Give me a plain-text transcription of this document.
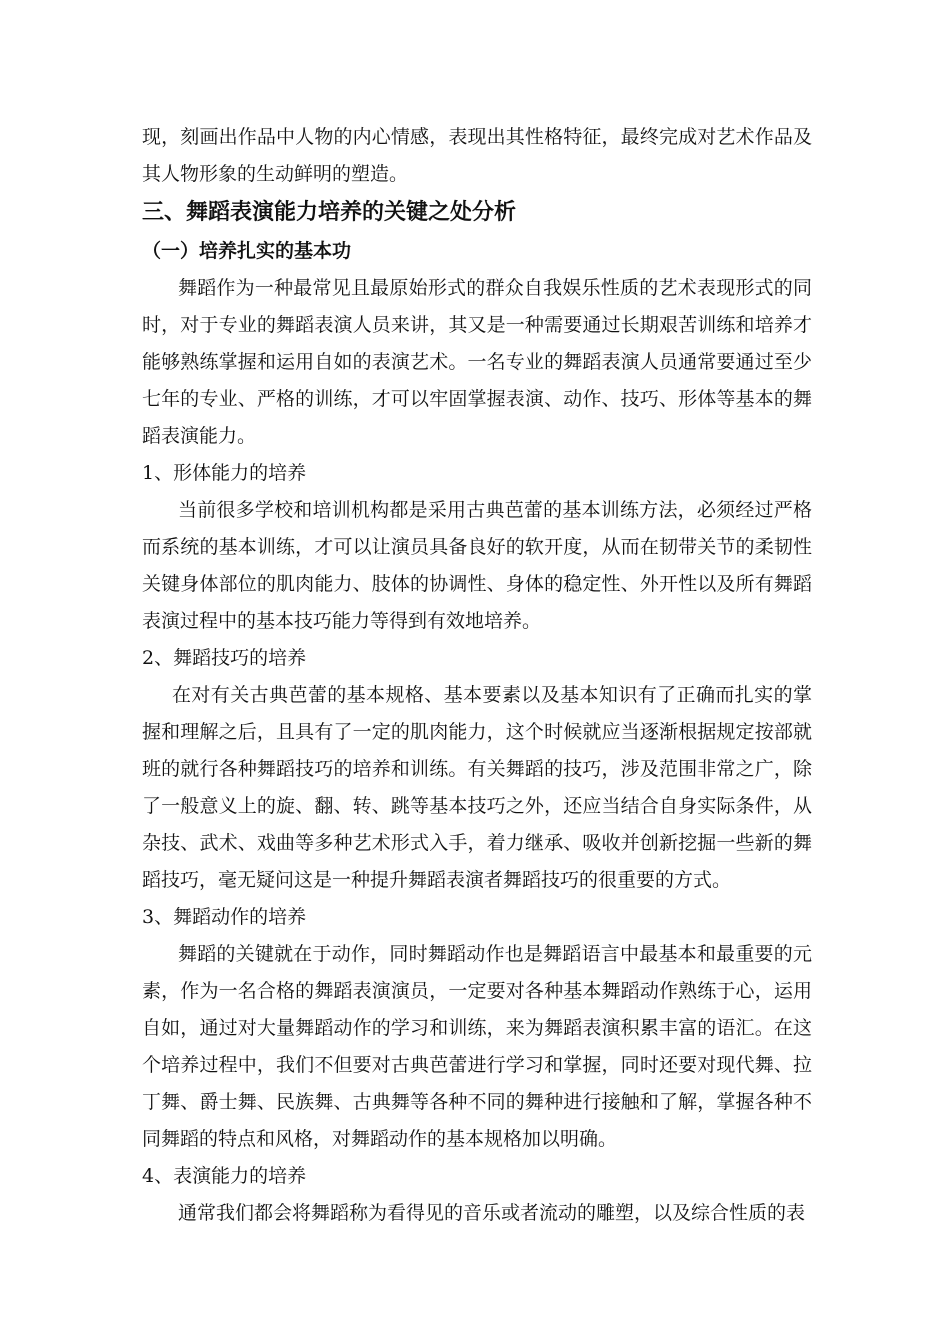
现，刻画出作品中人物的内心情感，表现出其性格特征，最终完成对艺术作品及其人物形象的生动鲜明的塑造。

三、舞蹈表演能力培养的关键之处分析
（一）培养扎实的基本功

舞蹈作为一种最常见且最原始形式的群众自我娱乐性质的艺术表现形式的同时，对于专业的舞蹈表演人员来讲，其又是一种需要通过长期艰苦训练和培养才能够熟练掌握和运用自如的表演艺术。一名专业的舞蹈表演人员通常要通过至少七年的专业、严格的训练，才可以牢固掌握表演、动作、技巧、形体等基本的舞蹈表演能力。

1、形体能力的培养

当前很多学校和培训机构都是采用古典芭蕾的基本训练方法，必须经过严格而系统的基本训练，才可以让演员具备良好的软开度，从而在韧带关节的柔韧性关键身体部位的肌肉能力、肢体的协调性、身体的稳定性、外开性以及所有舞蹈表演过程中的基本技巧能力等得到有效地培养。

2、舞蹈技巧的培养

在对有关古典芭蕾的基本规格、基本要素以及基本知识有了正确而扎实的掌握和理解之后，且具有了一定的肌肉能力，这个时候就应当逐渐根据规定按部就班的就行各种舞蹈技巧的培养和训练。有关舞蹈的技巧，涉及范围非常之广，除了一般意义上的旋、翻、转、跳等基本技巧之外，还应当结合自身实际条件，从杂技、武术、戏曲等多种艺术形式入手，着力继承、吸收并创新挖掘一些新的舞蹈技巧，毫无疑问这是一种提升舞蹈表演者舞蹈技巧的很重要的方式。

3、舞蹈动作的培养

舞蹈的关键就在于动作，同时舞蹈动作也是舞蹈语言中最基本和最重要的元素，作为一名合格的舞蹈表演演员，一定要对各种基本舞蹈动作熟练于心，运用自如，通过对大量舞蹈动作的学习和训练，来为舞蹈表演积累丰富的语汇。在这个培养过程中，我们不但要对古典芭蕾进行学习和掌握，同时还要对现代舞、拉丁舞、爵士舞、民族舞、古典舞等各种不同的舞种进行接触和了解，掌握各种不同舞蹈的特点和风格，对舞蹈动作的基本规格加以明确。

4、表演能力的培养

通常我们都会将舞蹈称为看得见的音乐或者流动的雕塑，以及综合性质的表
